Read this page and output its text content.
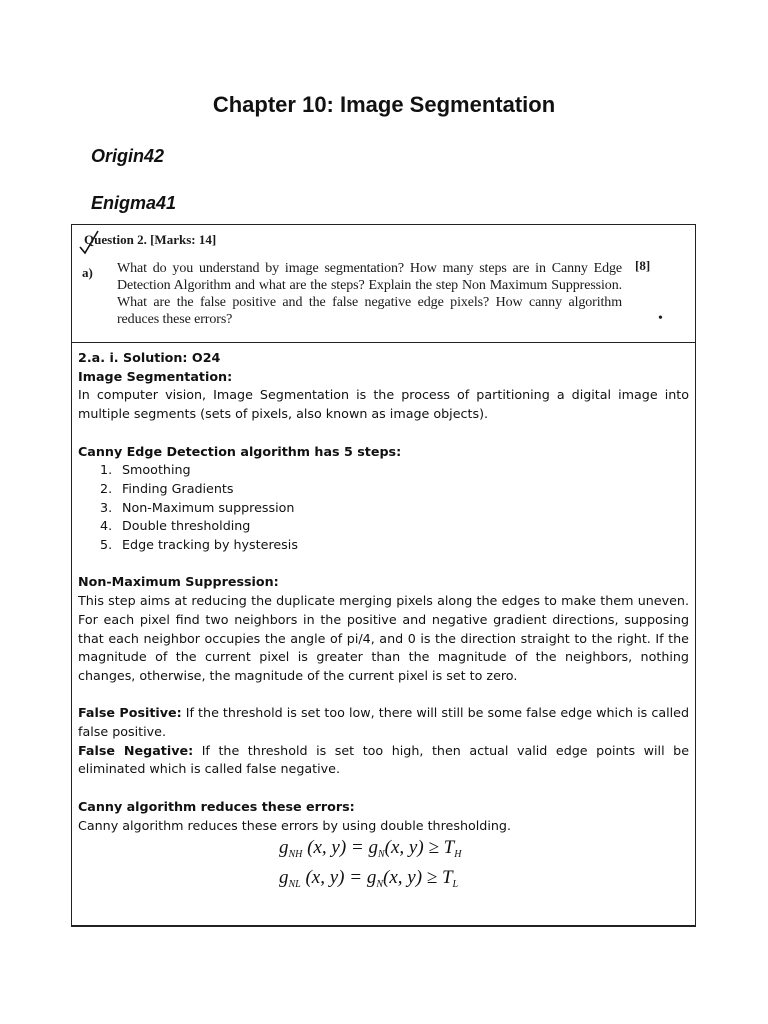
Chapter 10: Image Segmentation
Origin42
Enigma41
Question 2. [Marks: 14]
a) What do you understand by image segmentation? How many steps are in Canny Edge Detection Algorithm and what are the steps? Explain the step Non Maximum Suppression. What are the false positive and the false negative edge pixels? How canny algorithm reduces these errors?
[8]
•

2.a. i. Solution: O24

Image Segmentation:

In computer vision, Image Segmentation is the process of partitioning a digital image into multiple segments (sets of pixels, also known as image objects).

Canny Edge Detection algorithm has 5 steps:

1. Smoothing
2. Finding Gradients
3. Non-Maximum suppression
4. Double thresholding
5. Edge tracking by hysteresis

Non-Maximum Suppression:

This step aims at reducing the duplicate merging pixels along the edges to make them uneven. For each pixel find two neighbors in the positive and negative gradient directions, supposing that each neighbor occupies the angle of pi/4, and 0 is the direction straight to the right. If the magnitude of the current pixel is greater than the magnitude of the neighbors, nothing changes, otherwise, the magnitude of the current pixel is set to zero.

False Positive: If the threshold is set too low, there will still be some false edge which is called false positive.

False Negative: If the threshold is set too high, then actual valid edge points will be eliminated which is called false negative.

Canny algorithm reduces these errors:

Canny algorithm reduces these errors by using double thresholding.

$g_{NH}$ (x, $y) = g_N(x$, $y) \ge T_H$
$g_{NL}$ (x, $y) = g_N(x$, $y) \ge T_L$
